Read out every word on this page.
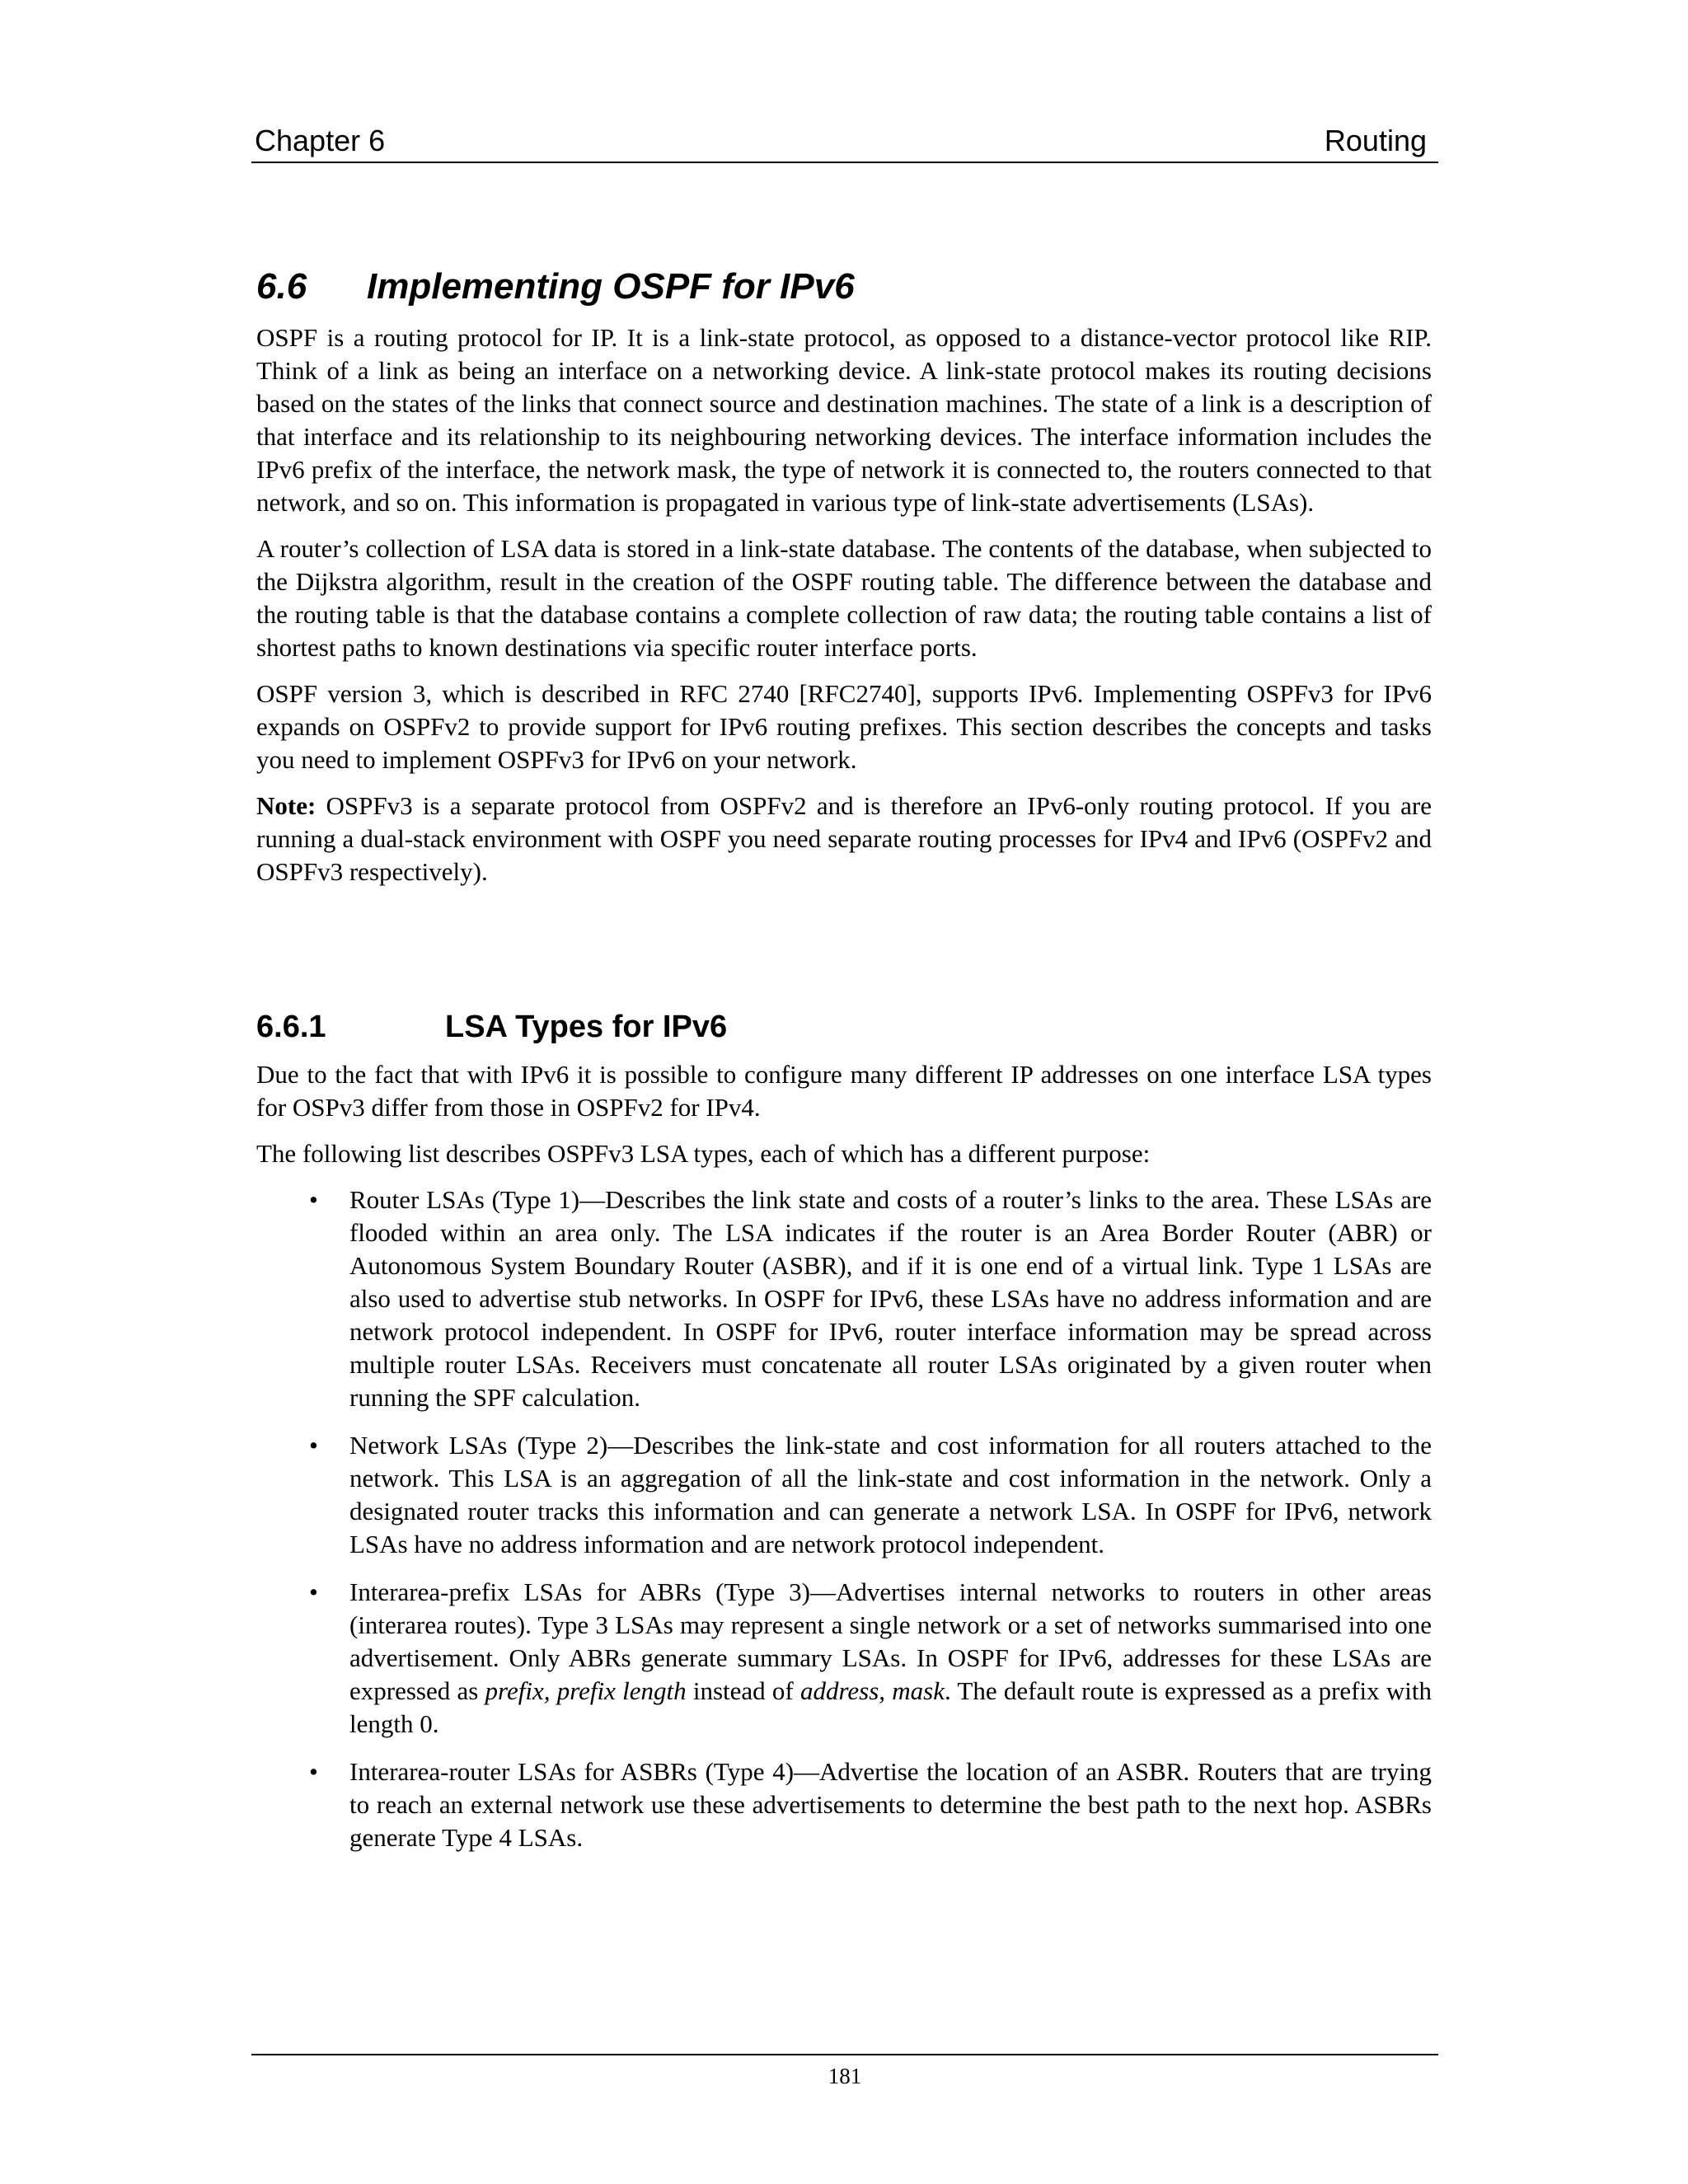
Chapter 6	Routing
6.6 Implementing OSPF for IPv6

OSPF is a routing protocol for IP. It is a link-state protocol, as opposed to a distance-vector protocol like RIP. Think of a link as being an interface on a networking device. A link-state protocol makes its routing decisions based on the states of the links that connect source and destination machines. The state of a link is a description of that interface and its relationship to its neighbouring networking devices. The interface information includes the IPv6 prefix of the interface, the network mask, the type of network it is connected to, the routers connected to that network, and so on. This information is propagated in various type of link-state advertisements (LSAs).

A router’s collection of LSA data is stored in a link-state database. The contents of the database, when subjected to the Dijkstra algorithm, result in the creation of the OSPF routing table. The difference between the database and the routing table is that the database contains a complete collection of raw data; the routing table contains a list of shortest paths to known destinations via specific router interface ports.

OSPF version 3, which is described in RFC 2740 [RFC2740], supports IPv6. Implementing OSPFv3 for IPv6 expands on OSPFv2 to provide support for IPv6 routing prefixes. This section describes the concepts and tasks you need to implement OSPFv3 for IPv6 on your network.

Note: OSPFv3 is a separate protocol from OSPFv2 and is therefore an IPv6-only routing protocol. If you are running a dual-stack environment with OSPF you need separate routing processes for IPv4 and IPv6 (OSPFv2 and OSPFv3 respectively).

6.6.1	LSA Types for IPv6

Due to the fact that with IPv6 it is possible to configure many different IP addresses on one interface LSA types for OSPv3 differ from those in OSPFv2 for IPv4.

The following list describes OSPFv3 LSA types, each of which has a different purpose:

• Router LSAs (Type 1)—Describes the link state and costs of a router’s links to the area. These LSAs are flooded within an area only. The LSA indicates if the router is an Area Border Router (ABR) or Autonomous System Boundary Router (ASBR), and if it is one end of a virtual link. Type 1 LSAs are also used to advertise stub networks. In OSPF for IPv6, these LSAs have no address information and are network protocol independent. In OSPF for IPv6, router interface information may be spread across multiple router LSAs. Receivers must concatenate all router LSAs originated by a given router when running the SPF calculation.
• Network LSAs (Type 2)—Describes the link-state and cost information for all routers attached to the network. This LSA is an aggregation of all the link-state and cost information in the network. Only a designated router tracks this information and can generate a network LSA. In OSPF for IPv6, network LSAs have no address information and are network protocol independent.
• Interarea-prefix LSAs for ABRs (Type 3)—Advertises internal networks to routers in other areas (interarea routes). Type 3 LSAs may represent a single network or a set of networks summarised into one advertisement. Only ABRs generate summary LSAs. In OSPF for IPv6, addresses for these LSAs are expressed as prefix, prefix length instead of address, mask. The default route is expressed as a prefix with length 0.
• Interarea-router LSAs for ASBRs (Type 4)—Advertise the location of an ASBR. Routers that are trying to reach an external network use these advertisements to determine the best path to the next hop. ASBRs generate Type 4 LSAs.
181
